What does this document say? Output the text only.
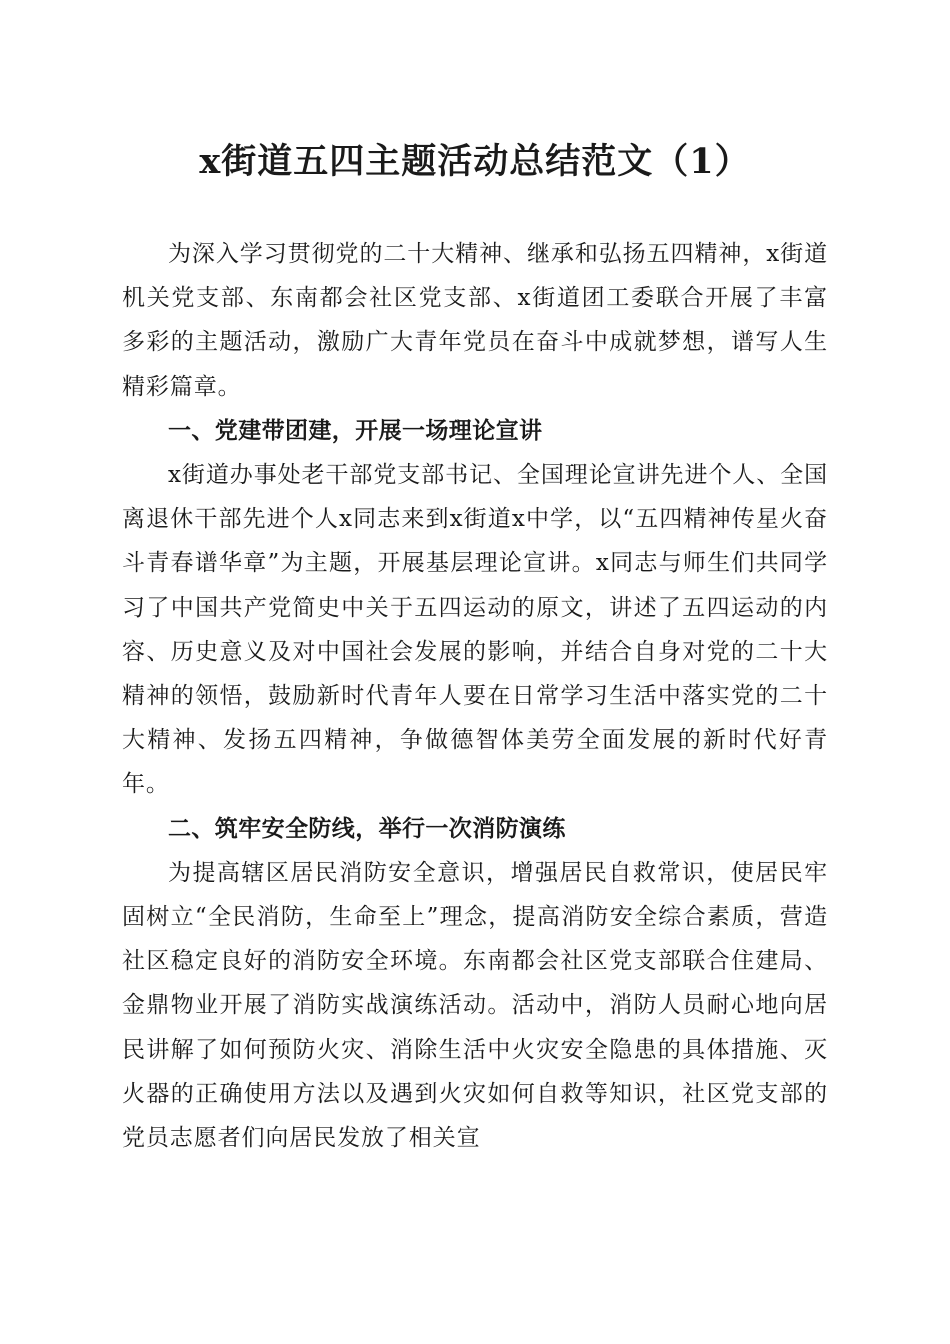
x街道五四主题活动总结范文（1）

为深入学习贯彻党的二十大精神、继承和弘扬五四精神，x街道机关党支部、东南都会社区党支部、x街道团工委联合开展了丰富多彩的主题活动，激励广大青年党员在奋斗中成就梦想，谱写人生精彩篇章。

一、党建带团建，开展一场理论宣讲

x街道办事处老干部党支部书记、全国理论宣讲先进个人、全国离退休干部先进个人x同志来到x街道x中学，以“五四精神传星火奋斗青春谱华章”为主题，开展基层理论宣讲。x同志与师生们共同学习了中国共产党简史中关于五四运动的原文，讲述了五四运动的内容、历史意义及对中国社会发展的影响，并结合自身对党的二十大精神的领悟，鼓励新时代青年人要在日常学习生活中落实党的二十大精神、发扬五四精神，争做德智体美劳全面发展的新时代好青年。

二、筑牢安全防线，举行一次消防演练

为提高辖区居民消防安全意识，增强居民自救常识，使居民牢固树立“全民消防，生命至上”理念，提高消防安全综合素质，营造社区稳定良好的消防安全环境。东南都会社区党支部联合住建局、金鼎物业开展了消防实战演练活动。活动中，消防人员耐心地向居民讲解了如何预防火灾、消除生活中火灾安全隐患的具体措施、灭火器的正确使用方法以及遇到火灾如何自救等知识，社区党支部的党员志愿者们向居民发放了相关宣
